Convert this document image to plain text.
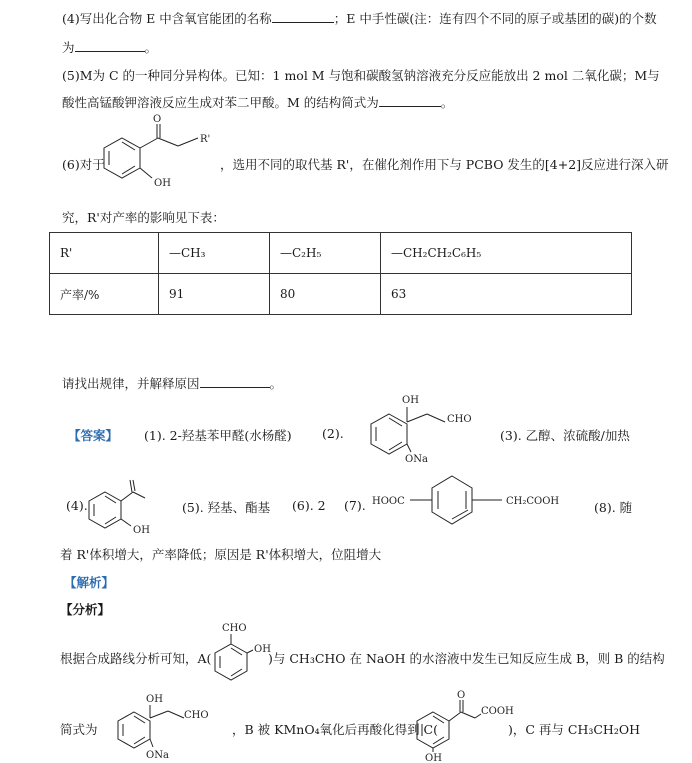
(4)写出化合物 E 中含氧官能团的名称	；E 中手性碳(注：连有四个不同的原子或基团的碳)的个数
为	。
(5)M为 C 的一种同分异构体。已知：1 mol M 与饱和碳酸氢钠溶液充分反应能放出 2 mol 二氧化碳；M与
酸性高锰酸钾溶液反应生成对苯二甲酸。M 的结构简式为	。
(6)对于
O
R'
OH
，选用不同的取代基 R'，在催化剂作用下与 PCBO 发生的[4+2]反应进行深入研
究，R'对产率的影响见下表：
R'	—CH₃	—C₂H₅	—CH₂CH₂C₆H₅
产率/%	91	80	63
请找出规律，并解释原因	。
【答案】 (1). 2-羟基苯甲醛(水杨醛) (2).
OH
CHO
ONa
(3). 乙醇、浓硫酸/加热
(4).
OH
(5). 羟基、酯基 (6). 2 (7). HOOC	CH₂COOH	(8). 随
着 R'体积增大，产率降低；原因是 R'体积增大，位阻增大
【解析】
【分析】
根据合成路线分析可知，A(
CHO
OH
)与 CH₃CHO 在 NaOH 的水溶液中发生已知反应生成 B，则 B 的结构
简式为
OH
CHO
ONa
，B 被 KMnO₄氧化后再酸化得到 C(
O
COOH
OH
)，C 再与 CH₃CH₂OH
